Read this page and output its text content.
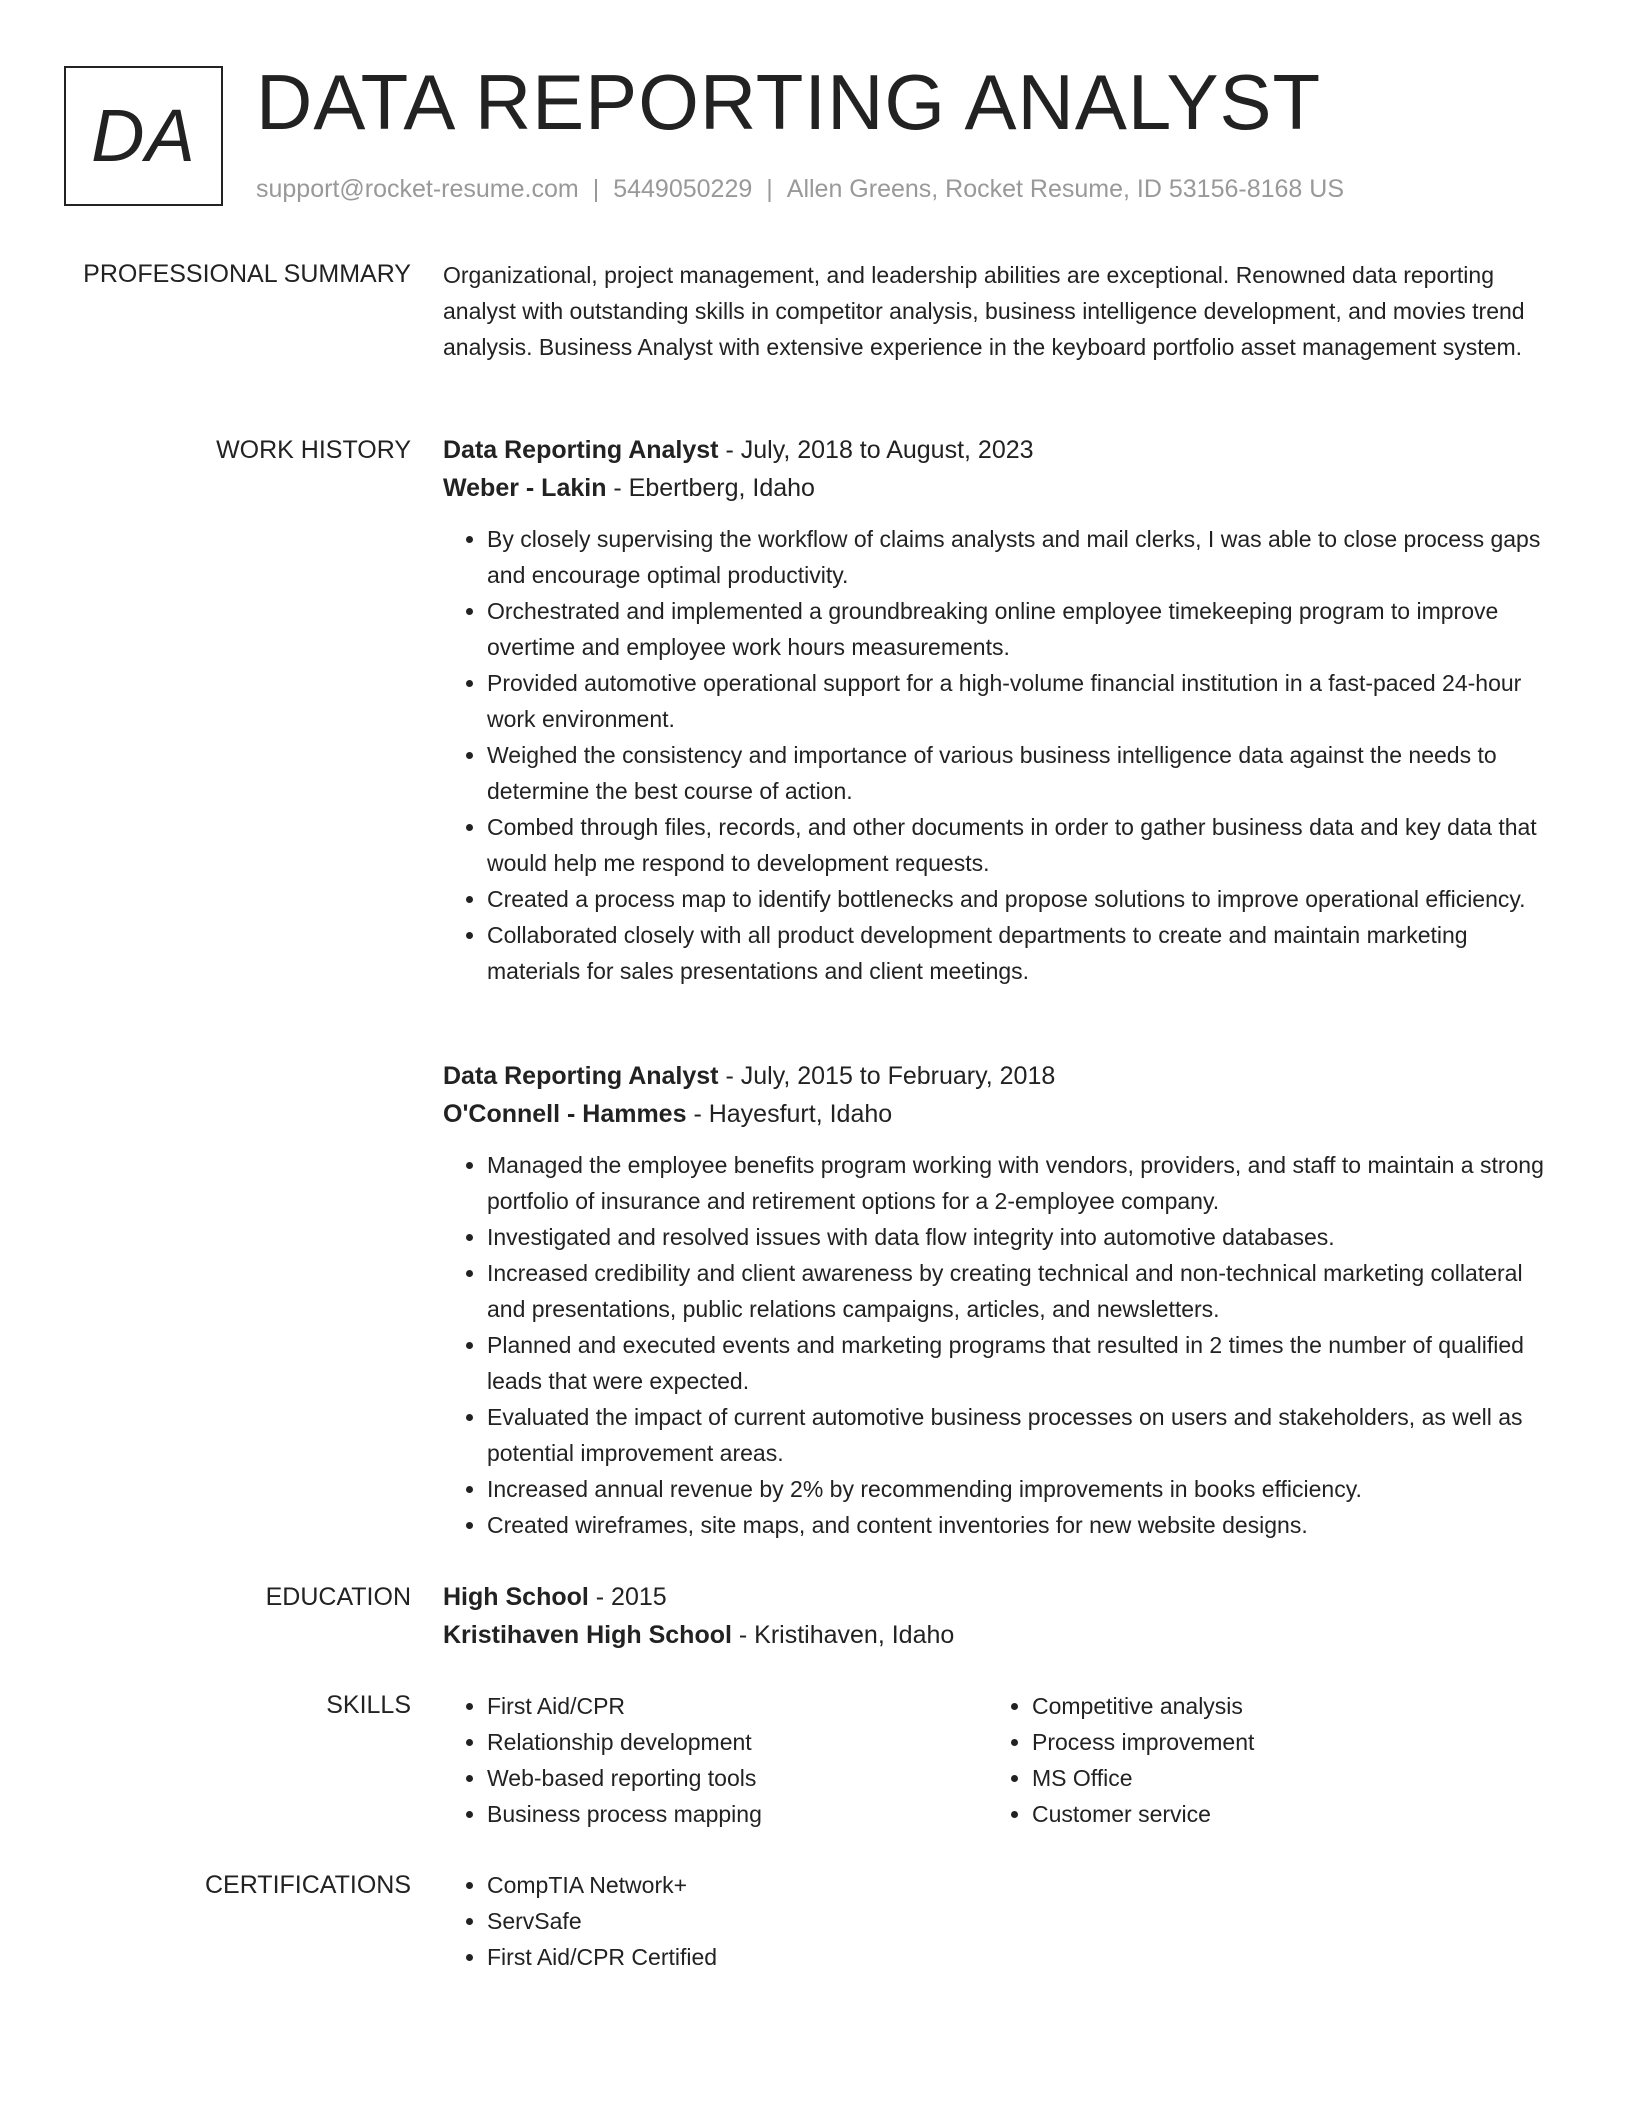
DA DATA REPORTING ANALYST
support@rocket-resume.com | 5449050229 | Allen Greens, Rocket Resume, ID 53156-8168 US
PROFESSIONAL SUMMARY Organizational, project management, and leadership abilities are exceptional. Renowned data reporting analyst with outstanding skills in competitor analysis, business intelligence development, and movies trend analysis. Business Analyst with extensive experience in the keyboard portfolio asset management system.

WORK HISTORY Data Reporting Analyst - July, 2018 to August, 2023
Weber - Lakin - Ebertberg, Idaho
• By closely supervising the workflow of claims analysts and mail clerks, I was able to close process gaps and encourage optimal productivity.
• Orchestrated and implemented a groundbreaking online employee timekeeping program to improve overtime and employee work hours measurements.
• Provided automotive operational support for a high-volume financial institution in a fast-paced 24-hour work environment.
• Weighed the consistency and importance of various business intelligence data against the needs to determine the best course of action.
• Combed through files, records, and other documents in order to gather business data and key data that would help me respond to development requests.
• Created a process map to identify bottlenecks and propose solutions to improve operational efficiency.
• Collaborated closely with all product development departments to create and maintain marketing materials for sales presentations and client meetings.
Data Reporting Analyst - July, 2015 to February, 2018
O'Connell - Hammes - Hayesfurt, Idaho
• Managed the employee benefits program working with vendors, providers, and staff to maintain a strong portfolio of insurance and retirement options for a 2-employee company.
• Investigated and resolved issues with data flow integrity into automotive databases.
• Increased credibility and client awareness by creating technical and non-technical marketing collateral and presentations, public relations campaigns, articles, and newsletters.
• Planned and executed events and marketing programs that resulted in 2 times the number of qualified leads that were expected.
• Evaluated the impact of current automotive business processes on users and stakeholders, as well as potential improvement areas.
• Increased annual revenue by 2% by recommending improvements in books efficiency.
• Created wireframes, site maps, and content inventories for new website designs.
EDUCATION High School - 2015
Kristihaven High School - Kristihaven, Idaho
SKILLS	• First Aid/CPR
• Relationship development
• Web-based reporting tools
• Business process mapping
• Competitive analysis
• Process improvement
• MS Office
• Customer service
CERTIFICATIONS	• CompTIA Network+
• ServSafe
• First Aid/CPR Certified
